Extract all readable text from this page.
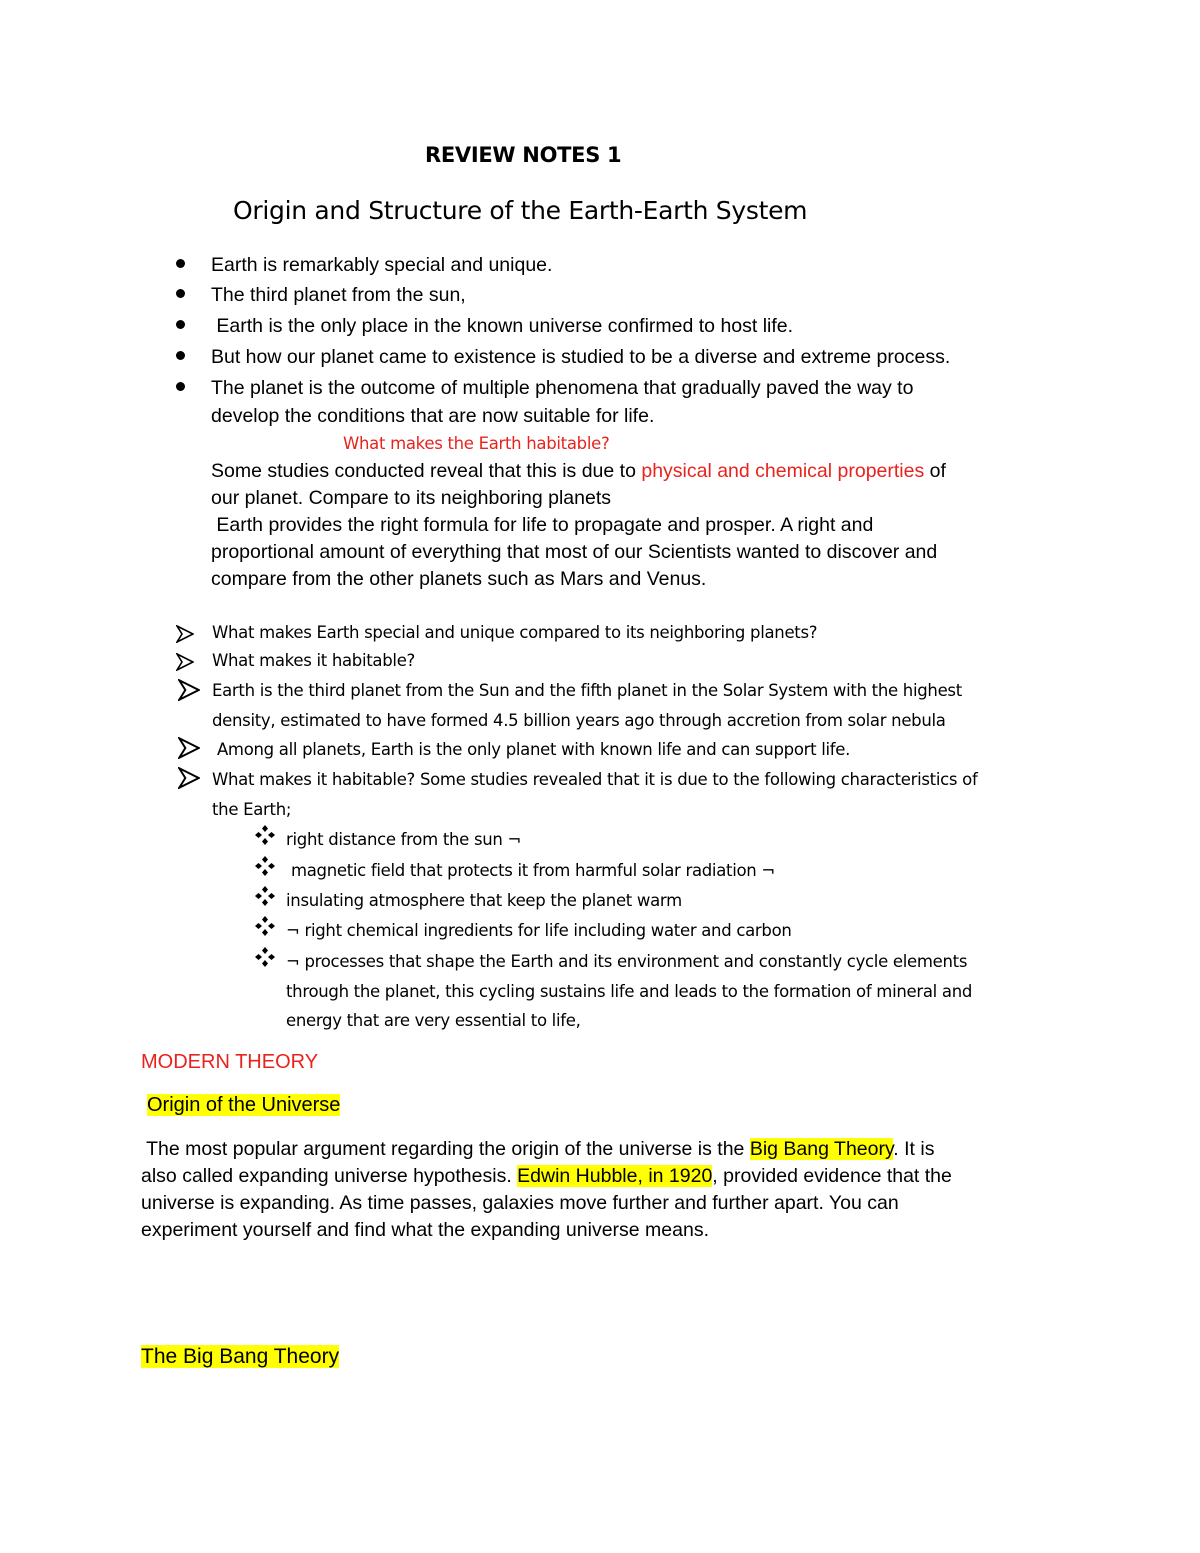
REVIEW NOTES 1
Origin and Structure of the Earth-Earth System
Earth is remarkably special and unique.
The third planet from the sun,
Earth is the only place in the known universe confirmed to host life.
But how our planet came to existence is studied to be a diverse and extreme process.
The planet is the outcome of multiple phenomena that gradually paved the way to
develop the conditions that are now suitable for life.
What makes the Earth habitable?
Some studies conducted reveal that this is due to physical and chemical properties of
our planet. Compare to its neighboring planets
Earth provides the right formula for life to propagate and prosper. A right and
proportional amount of everything that most of our Scientists wanted to discover and
compare from the other planets such as Mars and Venus.
What makes Earth special and unique compared to its neighboring planets?
What makes it habitable?
Earth is the third planet from the Sun and the fifth planet in the Solar System with the highest
density, estimated to have formed 4.5 billion years ago through accretion from solar nebula
Among all planets, Earth is the only planet with known life and can support life.
What makes it habitable? Some studies revealed that it is due to the following characteristics of
the Earth;
right distance from the sun ¬
magnetic field that protects it from harmful solar radiation ¬
insulating atmosphere that keep the planet warm
¬ right chemical ingredients for life including water and carbon
¬ processes that shape the Earth and its environment and constantly cycle elements
through the planet, this cycling sustains life and leads to the formation of mineral and
energy that are very essential to life,
MODERN THEORY
Origin of the Universe
The most popular argument regarding the origin of the universe is the Big Bang Theory. It is
also called expanding universe hypothesis. Edwin Hubble, in 1920, provided evidence that the
universe is expanding. As time passes, galaxies move further and further apart. You can
experiment yourself and find what the expanding universe means.
The Big Bang Theory
